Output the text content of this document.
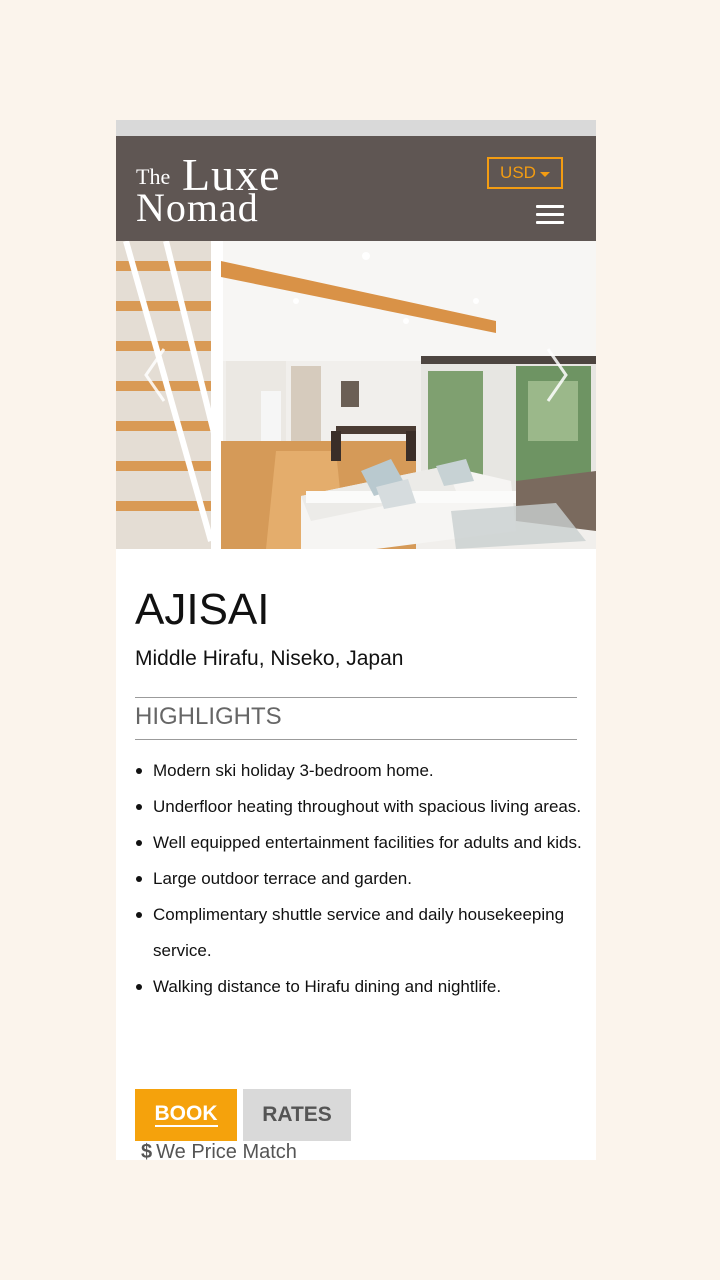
The Luxe
Nomad
USD
AJISAI
Middle Hirafu, Niseko, Japan
HIGHLIGHTS
Modern ski holiday 3-bedroom home.
Underfloor heating throughout with spacious living areas.
Well equipped entertainment facilities for adults and kids.
Large outdoor terrace and garden.
Complimentary shuttle service and daily housekeeping service.
Walking distance to Hirafu dining and nightlife.
BOOK RATES
$ We Price Match
